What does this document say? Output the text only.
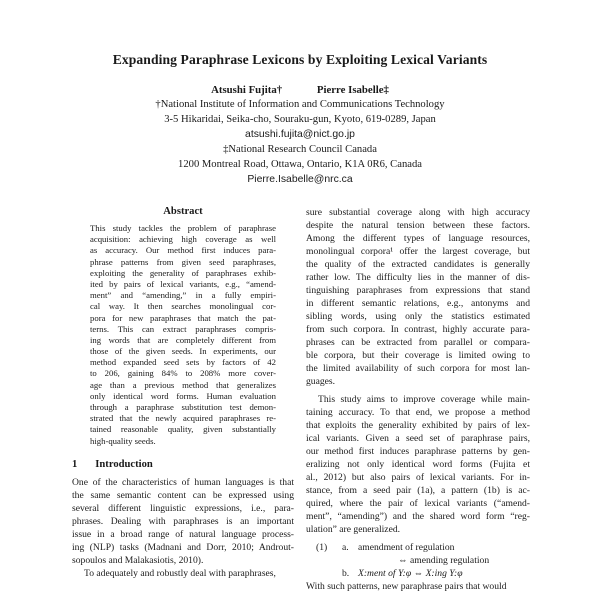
Expanding Paraphrase Lexicons by Exploiting Lexical Variants
Atsushi Fujita†	Pierre Isabelle‡
†National Institute of Information and Communications Technology
3-5 Hikaridai, Seika-cho, Souraku-gun, Kyoto, 619-0289, Japan
atsushi.fujita@nict.go.jp
‡National Research Council Canada
1200 Montreal Road, Ottawa, Ontario, K1A 0R6, Canada
Pierre.Isabelle@nrc.ca
Abstract
This study tackles the problem of paraphrase
acquisition: achieving high coverage as well
as accuracy. Our method first induces para-
phrase patterns from given seed paraphrases,
exploiting the generality of paraphrases exhib-
ited by pairs of lexical variants, e.g., “amend-
ment” and “amending,” in a fully empiri-
cal way. It then searches monolingual cor-
pora for new paraphrases that match the pat-
terns. This can extract paraphrases compris-
ing words that are completely different from
those of the given seeds. In experiments, our
method expanded seed sets by factors of 42
to 206, gaining 84% to 208% more cover-
age than a previous method that generalizes
only identical word forms. Human evaluation
through a paraphrase substitution test demon-
strated that the newly acquired paraphrases re-
tained reasonable quality, given substantially
high-quality seeds.
1 Introduction
One of the characteristics of human languages is that
the same semantic content can be expressed using
several different linguistic expressions, i.e., para-
phrases. Dealing with paraphrases is an important
issue in a broad range of natural language process-
ing (NLP) tasks (Madnani and Dorr, 2010; Androut-
sopoulos and Malakasiotis, 2010).
To adequately and robustly deal with paraphrases,
sure substantial coverage along with high accuracy
despite the natural tension between these factors.
Among the different types of language resources,
monolingual corpora¹ offer the largest coverage, but
the quality of the extracted candidates is generally
rather low. The difficulty lies in the manner of dis-
tinguishing paraphrases from expressions that stand
in different semantic relations, e.g., antonyms and
sibling words, using only the statistics estimated
from such corpora. In contrast, highly accurate para-
phrases can be extracted from parallel or compara-
ble corpora, but their coverage is limited owing to
the limited availability of such corpora for most lan-
guages.
This study aims to improve coverage while main-
taining accuracy. To that end, we propose a method
that exploits the generality exhibited by pairs of lex-
ical variants. Given a seed set of paraphrase pairs,
our method first induces paraphrase patterns by gen-
eralizing not only identical word forms (Fujita et
al., 2012) but also pairs of lexical variants. For in-
stance, from a seed pair (1a), a pattern (1b) is ac-
quired, where the pair of lexical variants (“amend-
ment”, “amending”) and the shared word form “reg-
ulation” are generalized.
(1) a. amendment of regulation
⇔ amending regulation
b. X:ment of Y:φ ⇔ X:ing Y:φ
With such patterns, new paraphrase pairs that would
